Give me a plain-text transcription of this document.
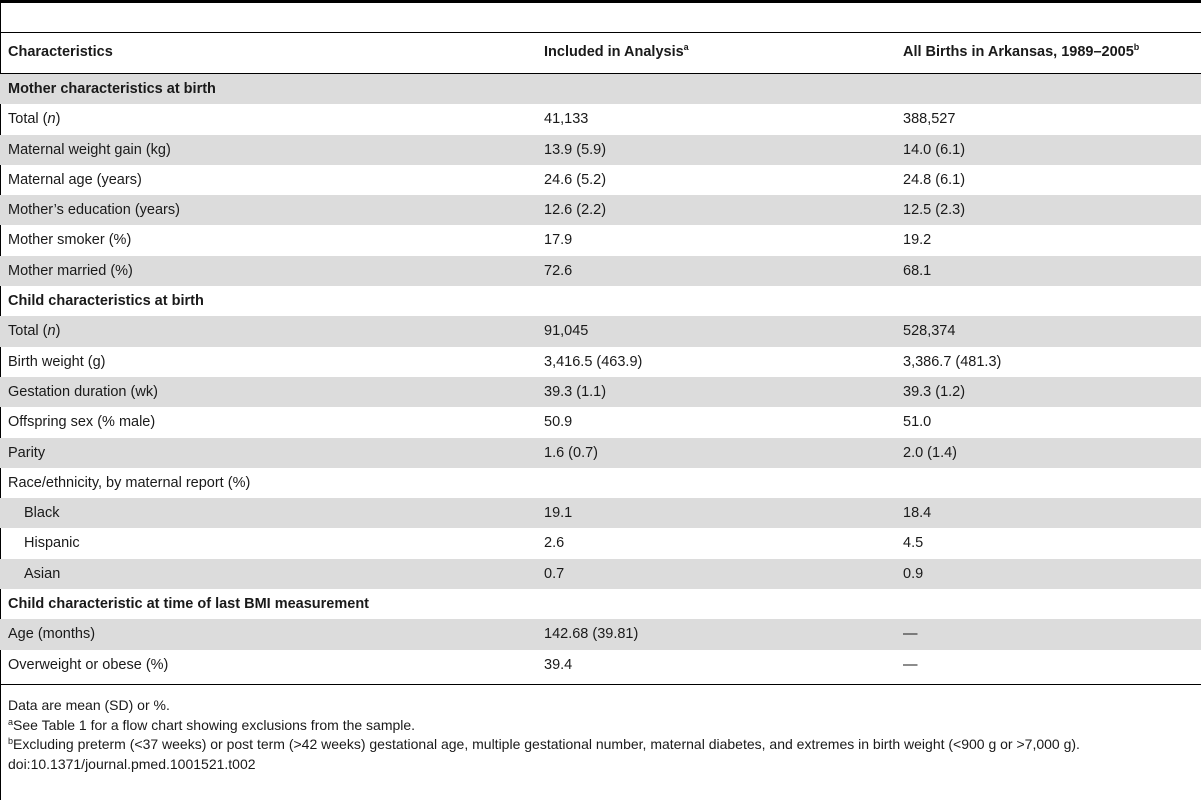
Characteristics	Included in Analysis$^a$	All Births in Arkansas, 1989–2005$^b$
Mother characteristics at birth
Total (n)	41,133	388,527
Maternal weight gain (kg)	13.9 (5.9)	14.0 (6.1)
Maternal age (years)	24.6 (5.2)	24.8 (6.1)
Mother’s education (years)	12.6 (2.2)	12.5 (2.3)
Mother smoker (%)	17.9	19.2
Mother married (%)	72.6	68.1
Child characteristics at birth
Total (n)	91,045	528,374
Birth weight (g)	3,416.5 (463.9)	3,386.7 (481.3)
Gestation duration (wk)	39.3 (1.1)	39.3 (1.2)
Offspring sex (% male)	50.9	51.0
Parity	1.6 (0.7)	2.0 (1.4)
Race/ethnicity, by maternal report (%)
Black	19.1	18.4
Hispanic	2.6	4.5
Asian	0.7	0.9
Child characteristic at time of last BMI measurement
Age (months)	142.68 (39.81)	—
Overweight or obese (%)	39.4	—

Data are mean (SD) or %.

$^a$See Table 1 for a flow chart showing exclusions from the sample.

$^b$Excluding preterm (<37 weeks) or post term (>42 weeks) gestational age, multiple gestational number, maternal diabetes, and extremes in birth weight (<900 g or >7,000 g).

doi:10.1371/journal.pmed.1001521.t002
